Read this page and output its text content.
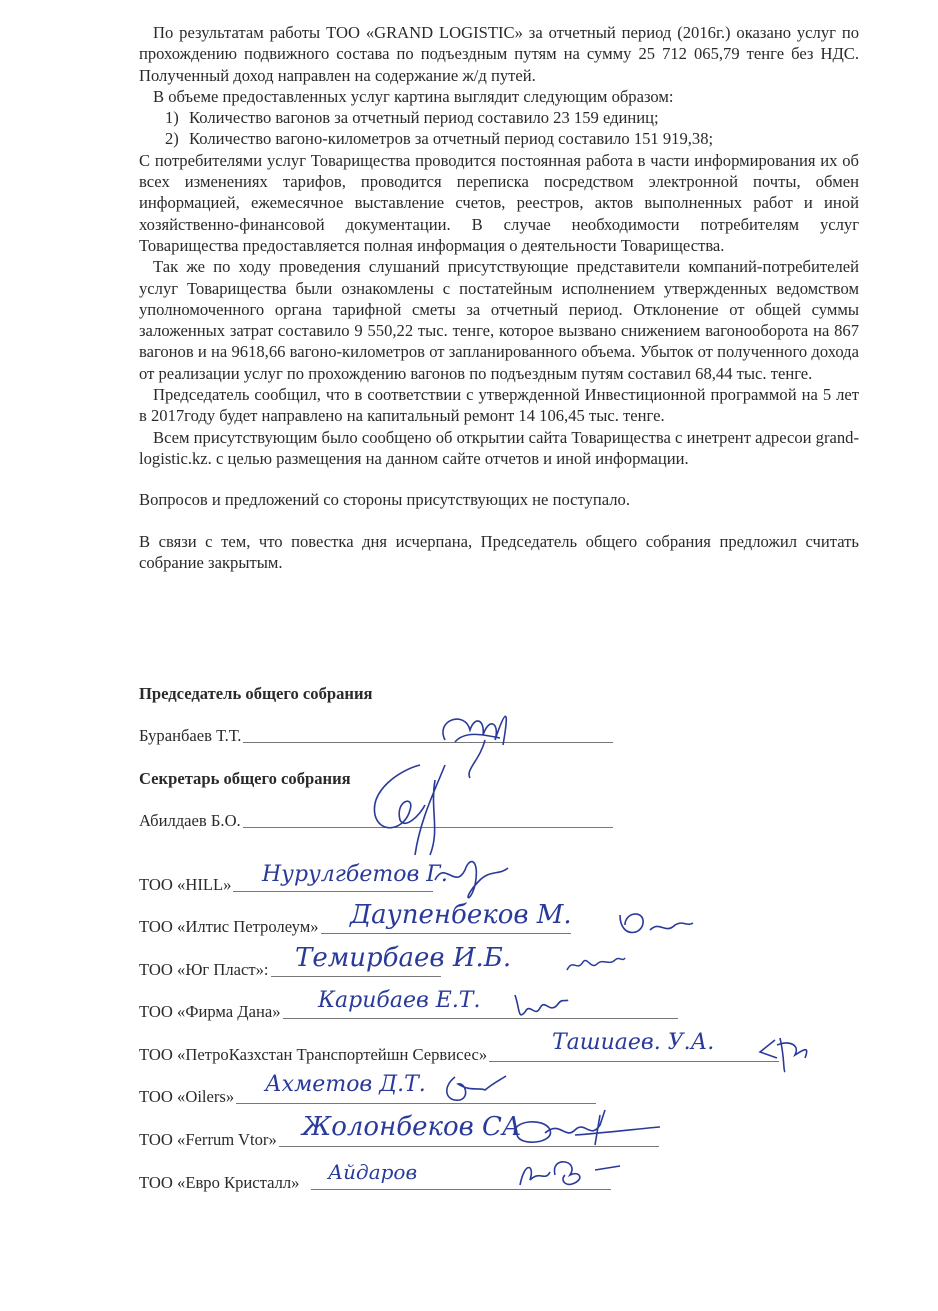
По результатам работы ТОО «GRAND LOGISTIC» за отчетный период (2016г.) оказано услуг по прохождению подвижного состава по подъездным путям на сумму 25 712 065,79 тенге без НДС. Полученный доход направлен на содержание ж/д путей.

В объеме предоставленных услуг картина выглядит следующим образом:

1) Количество вагонов за отчетный период составило 23 159 единиц;

2) Количество вагоно-километров за отчетный период составило 151 919,38;

С потребителями услуг Товарищества проводится постоянная работа в части информирования их об всех изменениях тарифов, проводится переписка посредством электронной почты, обмен информацией, ежемесячное выставление счетов, реестров, актов выполненных работ и иной хозяйственно-финансовой документации. В случае необходимости потребителям услуг Товарищества предоставляется полная информация о деятельности Товарищества.

Так же по ходу проведения слушаний присутствующие представители компаний-потребителей услуг Товарищества были ознакомлены с постатейным исполнением утвержденных ведомством уполномоченного органа тарифной сметы за отчетный период. Отклонение от общей суммы заложенных затрат составило 9 550,22 тыс. тенге, которое вызвано снижением вагонооборота на 867 вагонов и на 9618,66 вагоно-километров от запланированного объема. Убыток от полученного дохода от реализации услуг по прохождению вагонов по подъездным путям составил 68,44 тыс. тенге.

Председатель сообщил, что в соответствии с утвержденной Инвестиционной программой на 5 лет в 2017году будет направлено на капитальный ремонт 14 106,45 тыс. тенге.

Всем присутствующим было сообщено об открытии сайта Товарищества с инетрент адресои grand-logistic.kz. с целью размещения на данном сайте отчетов и иной информации.

Вопросов и предложений со стороны присутствующих не поступало.

В связи с тем, что повестка дня исчерпана, Председатель общего собрания предложил считать собрание закрытым.

Председатель общего собрания
Буранбаев Т.Т.
Секретарь общего собрания
Абилдаев Б.О.
ТОО «HILL» Нурулгбетов Г.
ТОО «Илтис Петролеум» Даупенбеков М.
ТОО «Юг Пласт»: Темирбаев И.Б.
ТОО «Фирма Дана» Карибаев Е.Т.
ТОО «ПетроКазхстан Транспортейшн Сервисес»	Ташиаев. У.А.
ТОО «Oilers» Ахметов Д.Т.
ТОО «Ferrum Vtor» Жолонбеков СА
ТОО «Евро Кристалл» Айдаров
